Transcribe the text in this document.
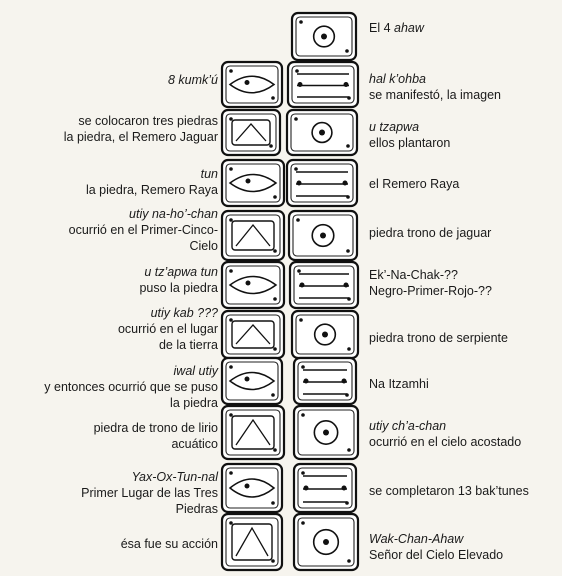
8 kumk’ú
se colocaron tres piedras
la piedra, el Remero Jaguar
tun
la piedra, Remero Raya
utiy na-ho’-chan
ocurrió en el Primer-Cinco-
Cielo
u tz’apwa tun
puso la piedra
utiy kab ???
ocurrió en el lugar
de la tierra
iwal utiy
y entonces ocurrió que se puso
la piedra
piedra de trono de lirio
acuático
Yax-Ox-Tun-nal
Primer Lugar de las Tres
Piedras
ésa fue su acción
El 4 ahaw
hal k’ohba
se manifestó, la imagen
u tzapwa
ellos plantaron
el Remero Raya
piedra trono de jaguar
Ek’-Na-Chak-??
Negro-Primer-Rojo-??
piedra trono de serpiente
Na Itzamhi
utiy ch’a-chan
ocurrió en el cielo acostado
se completaron 13 bak’tunes
Wak-Chan-Ahaw
Señor del Cielo Elevado
